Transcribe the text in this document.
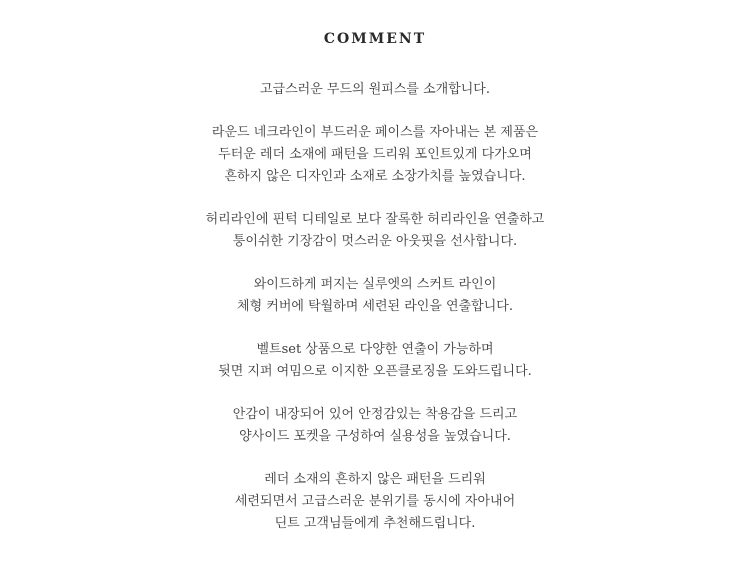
COMMENT
고급스러운 무드의 원피스를 소개합니다.
라운드 네크라인이 부드러운 페이스를 자아내는 본 제품은
두터운 레더 소재에 패턴을 드리워 포인트있게 다가오며
흔하지 않은 디자인과 소재로 소장가치를 높였습니다.
허리라인에 핀턱 디테일로 보다 잘록한 허리라인을 연출하고
퉁이쉬한 기장감이 멋스러운 아웃핏을 선사합니다.
와이드하게 퍼지는 실루엣의 스커트 라인이
체형 커버에 탁월하며 세련된 라인을 연출합니다.
벨트set 상품으로 다양한 연출이 가능하며
뒷면 지퍼 여밈으로 이지한 오픈클로징을 도와드립니다.
안감이 내장되어 있어 안정감있는 착용감을 드리고
양사이드 포켓을 구성하여 실용성을 높였습니다.
레더 소재의 흔하지 않은 패턴을 드리워
세련되면서 고급스러운 분위기를 동시에 자아내어
딘트 고객님들에게 추천해드립니다.
